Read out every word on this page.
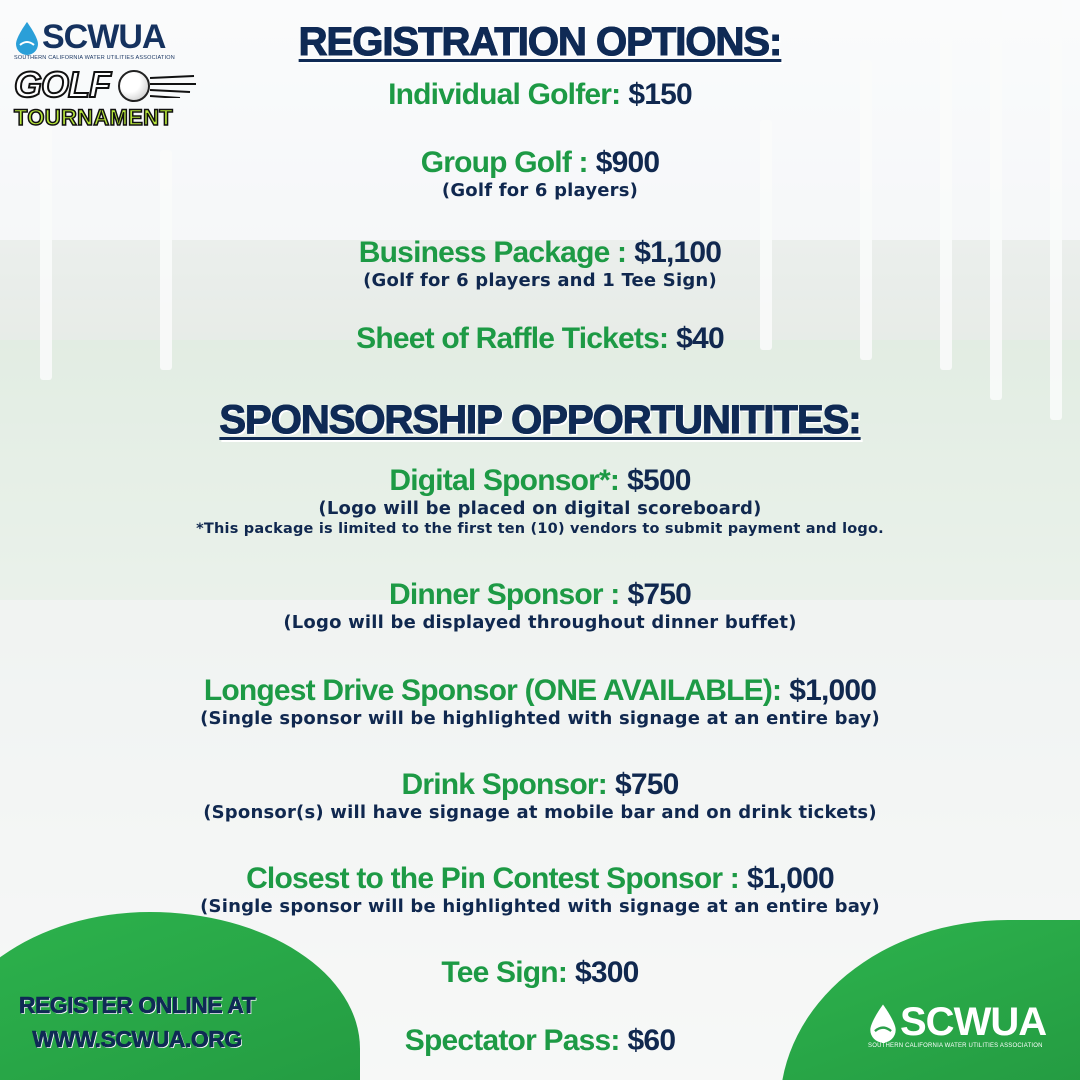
SCWUA
SOUTHERN CALIFORNIA WATER UTILITIES ASSOCIATION
GOLF
TOURNAMENT
REGISTRATION OPTIONS:
Individual Golfer: $150
Group Golf : $900
(Golf for 6 players)
Business Package : $1,100
(Golf for 6 players and 1 Tee Sign)
Sheet of Raffle Tickets: $40
SPONSORSHIP OPPORTUNITITES:
Digital Sponsor*: $500
(Logo will be placed on digital scoreboard)
*This package is limited to the first ten (10) vendors to submit payment and logo.
Dinner Sponsor : $750
(Logo will be displayed throughout dinner buffet)
Longest Drive Sponsor (ONE AVAILABLE): $1,000
(Single sponsor will be highlighted with signage at an entire bay)
Drink Sponsor: $750
(Sponsor(s) will have signage at mobile bar and on drink tickets)
Closest to the Pin Contest Sponsor : $1,000
(Single sponsor will be highlighted with signage at an entire bay)
Tee Sign: $300
Spectator Pass: $60
REGISTER ONLINE AT
WWW.SCWUA.ORG	SCWUA
SOUTHERN CALIFORNIA WATER UTILITIES ASSOCIATION
